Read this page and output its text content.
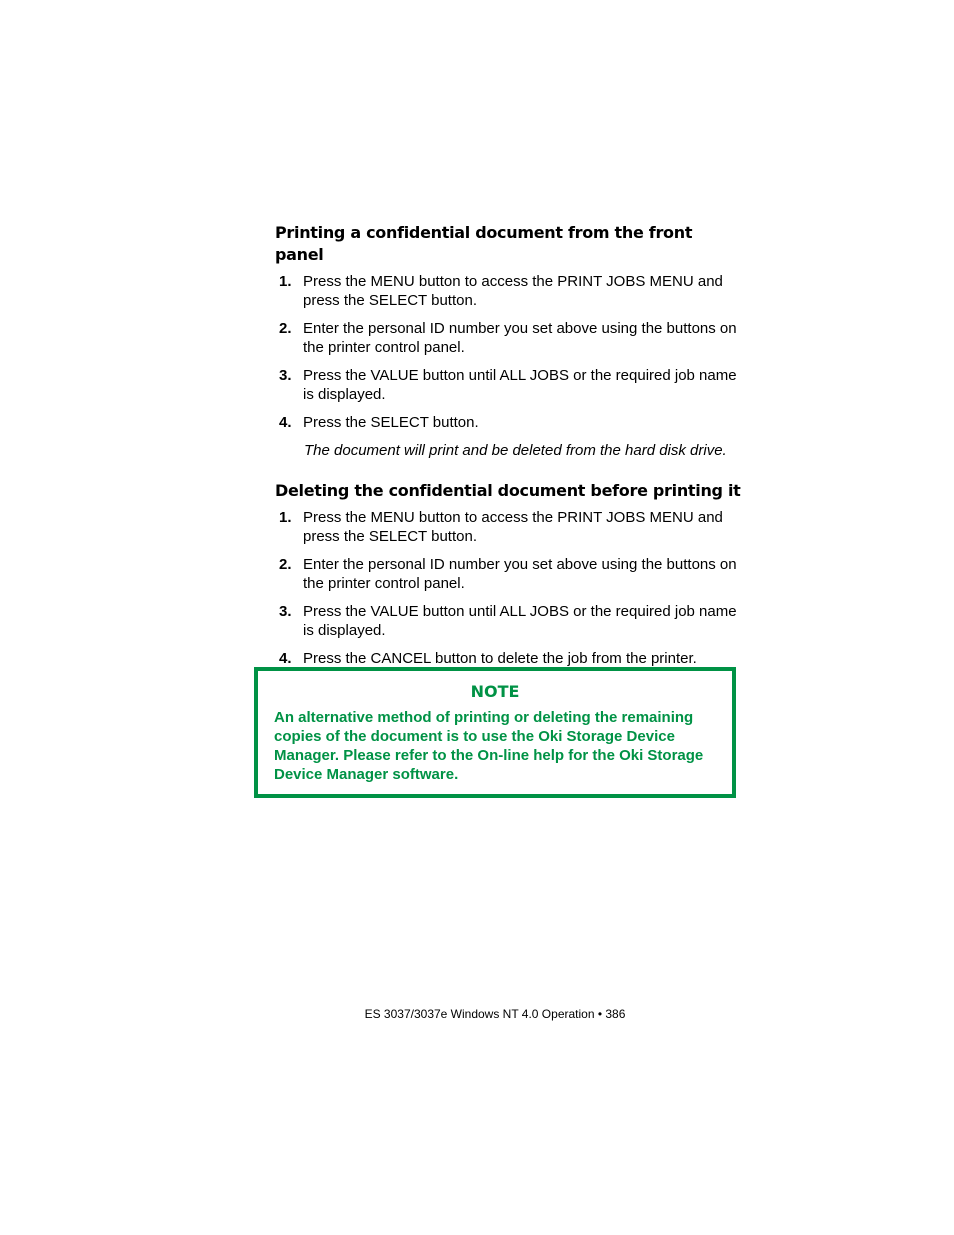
Printing a confidential document from the front panel
1. Press the MENU button to access the PRINT JOBS MENU and press the SELECT button.
2. Enter the personal ID number you set above using the buttons on the printer control panel.
3. Press the VALUE button until ALL JOBS or the required job name is displayed.
4. Press the SELECT button.

The document will print and be deleted from the hard disk drive.

Deleting the confidential document before printing it
1. Press the MENU button to access the PRINT JOBS MENU and press the SELECT button.
2. Enter the personal ID number you set above using the buttons on the printer control panel.
3. Press the VALUE button until ALL JOBS or the required job name is displayed.
4. Press the CANCEL button to delete the job from the printer.
NOTE
An alternative method of printing or deleting the remaining copies of the document is to use the Oki Storage Device Manager. Please refer to the On-line help for the Oki Storage Device Manager software.
ES 3037/3037e Windows NT 4.0 Operation • 386
